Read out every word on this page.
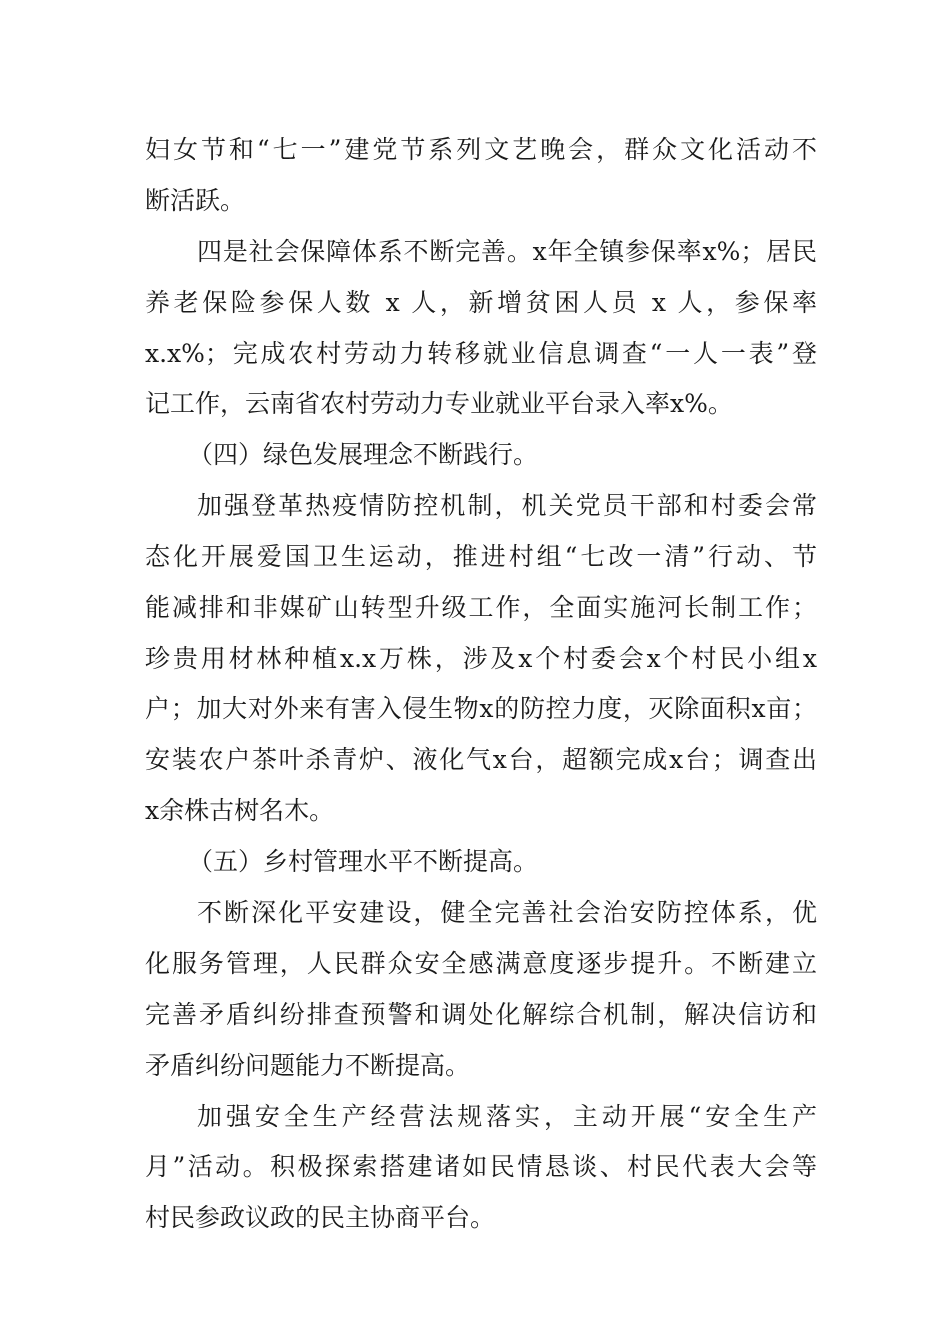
妇女节和“七一”建党节系列文艺晚会，群众文化活动不

断活跃。

四是社会保障体系不断完善。x年全镇参保率x%；居民

养老保险参保人数 x 人，新增贫困人员 x 人，参保率

x.x%；完成农村劳动力转移就业信息调查“一人一表”登

记工作，云南省农村劳动力专业就业平台录入率x%。

（四）绿色发展理念不断践行。

加强登革热疫情防控机制，机关党员干部和村委会常

态化开展爱国卫生运动，推进村组“七改一清”行动、节

能减排和非媒矿山转型升级工作，全面实施河长制工作；

珍贵用材林种植x.x万株，涉及x个村委会x个村民小组x

户；加大对外来有害入侵生物x的防控力度，灭除面积x亩；

安装农户茶叶杀青炉、液化气x台，超额完成x台；调查出

x余株古树名木。

（五）乡村管理水平不断提高。

不断深化平安建设，健全完善社会治安防控体系，优

化服务管理，人民群众安全感满意度逐步提升。不断建立

完善矛盾纠纷排查预警和调处化解综合机制，解决信访和

矛盾纠纷问题能力不断提高。

加强安全生产经营法规落实，主动开展“安全生产

月”活动。积极探索搭建诸如民情恳谈、村民代表大会等

村民参政议政的民主协商平台。
